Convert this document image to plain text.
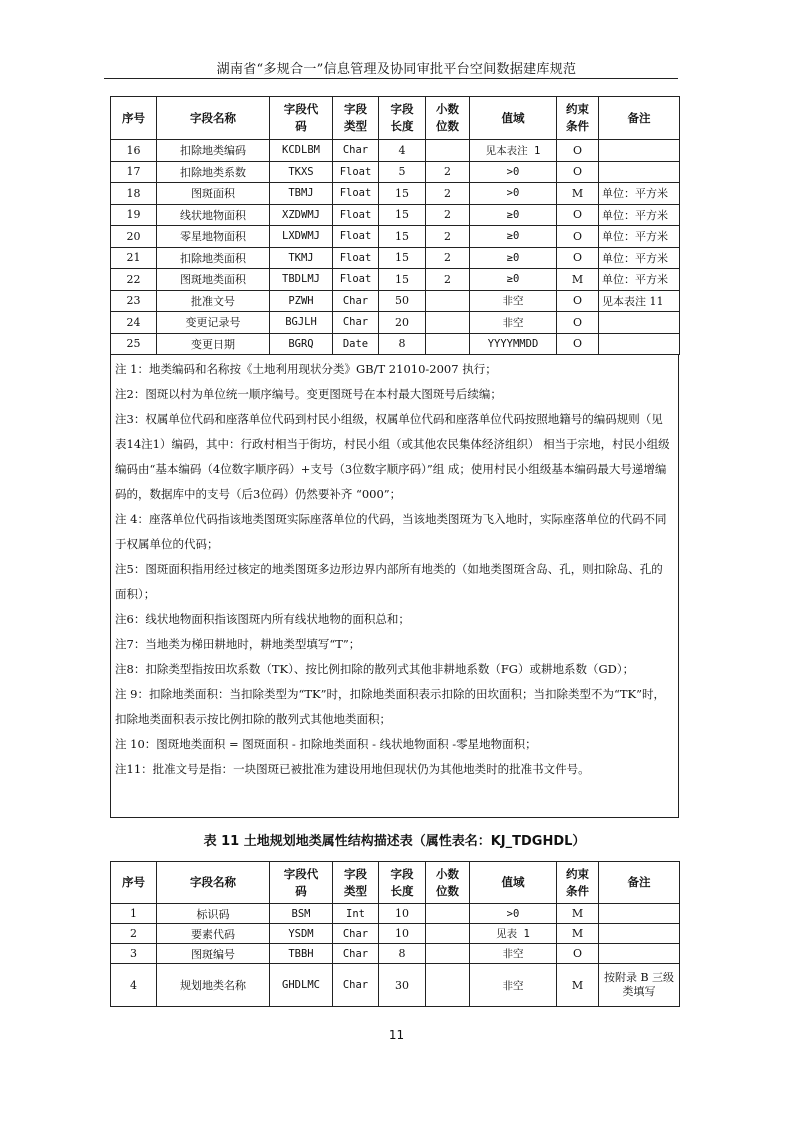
湖南省“多规合一”信息管理及协同审批平台空间数据建库规范
序号	字段名称	字段代码	字段类型	字段长度	小数位数	值域	约束条件	备注
16	扣除地类编码	KCDLBM	Char	4		见本表注 1	O	
17	扣除地类系数	TKXS	Float	5	2	>0	O	
18	图斑面积	TBMJ	Float	15	2	>0	M	单位：平方米
19	线状地物面积	XZDWMJ	Float	15	2	≥0	O	单位：平方米
20	零星地物面积	LXDWMJ	Float	15	2	≥0	O	单位：平方米
21	扣除地类面积	TKMJ	Float	15	2	≥0	O	单位：平方米
22	图斑地类面积	TBDLMJ	Float	15	2	≥0	M	单位：平方米
23	批准文号	PZWH	Char	50		非空	O	见本表注 11
24	变更记录号	BGJLH	Char	20		非空	O	
25	变更日期	BGRQ	Date	8		YYYYMMDD	O	

注 1：地类编码和名称按《土地利用现状分类》GB/T 21010-2007 执行；

注2：图斑以村为单位统一顺序编号。变更图斑号在本村最大图斑号后续编；

注3：权属单位代码和座落单位代码到村民小组级，权属单位代码和座落单位代码按照地籍号的编码规则（见表14注1）编码，其中：行政村相当于街坊，村民小组（或其他农民集体经济组织） 相当于宗地，村民小组级编码由“基本编码（4位数字顺序码）+支号（3位数字顺序码）”组 成；使用村民小组级基本编码最大号递增编码的，数据库中的支号（后3位码）仍然要补齐 “000”；

注 4：座落单位代码指该地类图斑实际座落单位的代码，当该地类图斑为飞入地时，实际座落单位的代码不同于权属单位的代码；

注5：图斑面积指用经过核定的地类图斑多边形边界内部所有地类的（如地类图斑含岛、孔，则扣除岛、孔的面积）；

注6：线状地物面积指该图斑内所有线状地物的面积总和；

注7：当地类为梯田耕地时，耕地类型填写“T”；

注8：扣除类型指按田坎系数（TK）、按比例扣除的散列式其他非耕地系数（FG）或耕地系数（GD）；

注 9：扣除地类面积：当扣除类型为“TK”时，扣除地类面积表示扣除的田坎面积；当扣除类型不为“TK”时，扣除地类面积表示按比例扣除的散列式其他地类面积；

注 10：图斑地类面积 = 图斑面积 - 扣除地类面积 - 线状地物面积 -零星地物面积；

注11：批准文号是指：一块图斑已被批准为建设用地但现状仍为其他地类时的批准书文件号。

表 11 土地规划地类属性结构描述表（属性表名：KJ_TDGHDL）
序号	字段名称	字段代码	字段类型	字段长度	小数位数	值域	约束条件	备注
1	标识码	BSM	Int	10		>0	M	
2	要素代码	YSDM	Char	10		见表 1	M	
3	图斑编号	TBBH	Char	8		非空	O	
4	规划地类名称	GHDLMC	Char	30		非空	M	按附录 B 三级类填写
11
